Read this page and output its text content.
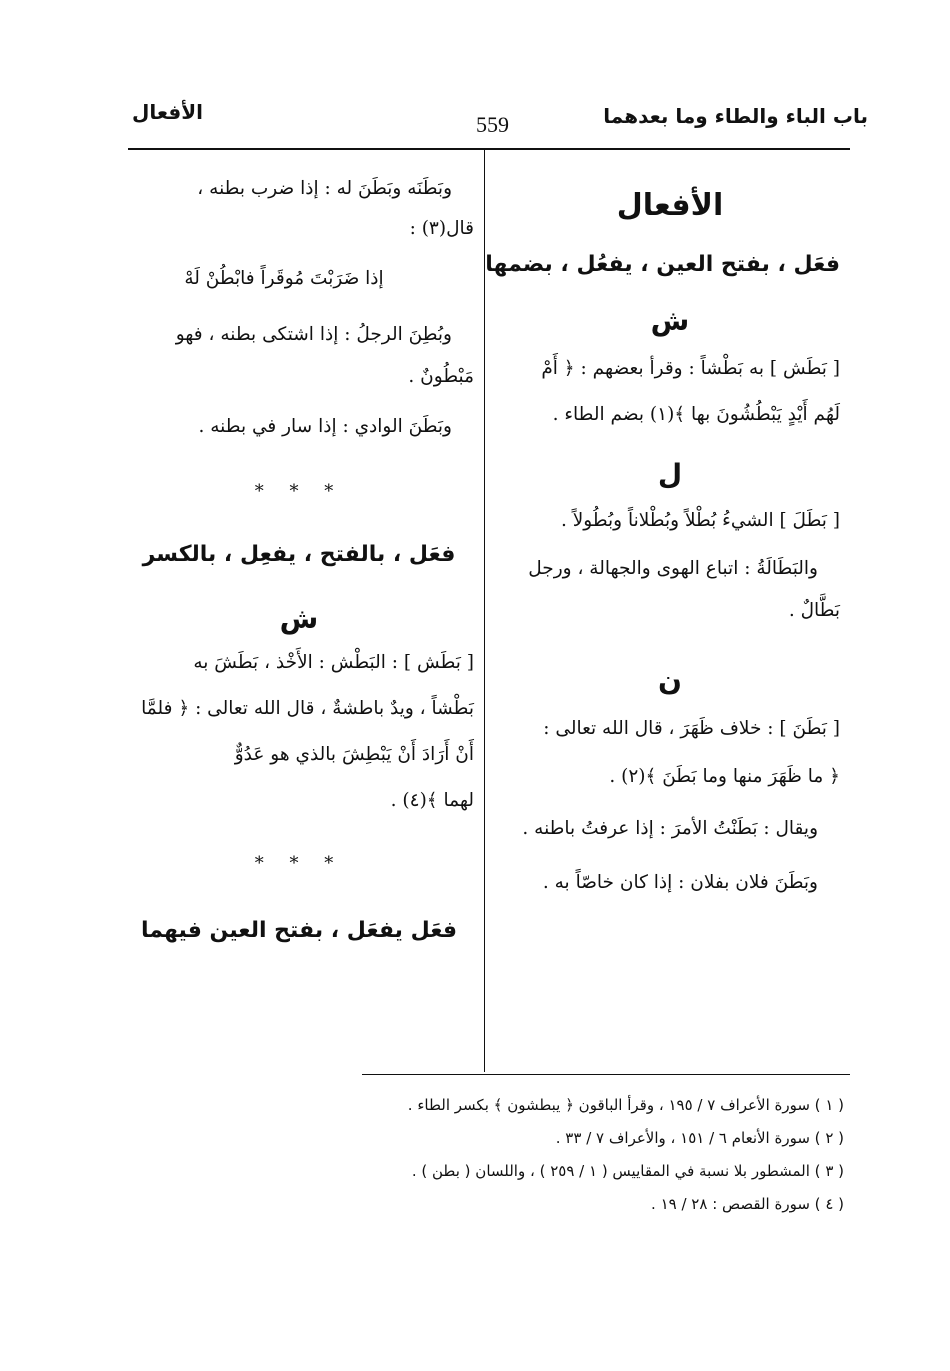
باب الباء والطاء وما بعدهما
559
الأفعال
الأفعال
فعَل ، بفتح العين ، يفعُل ، بضمها
ش
[ بَطَش ] به بَطْشاً : وقرأ بعضهم : ﴿ أَمْ
لَهُم أَيْدٍ يَبْطُشُونَ بها ﴾(١) بضم الطاء .
ل
[ بَطَلَ ] الشيءُ بُطْلاً وبُطْلاناً وبُطُولاً .
والبَطَالَةُ : اتباع الهوى والجهالة ، ورجل
بَطَّالٌ .
ن
[ بَطَنَ ] : خلاف ظَهَرَ ، قال الله تعالى :
﴿ ما ظَهَرَ منها وما بَطَنَ ﴾(٢) .
ويقال : بَطَنْتُ الأمرَ : إذا عرفتُ باطنه .
وبَطَنَ فلان بفلان : إذا كان خاصّاً به .
وبَطَنَه وبَطَنَ له : إذا ضرب بطنه ،
قال(٣) :
إذا ضَرَبْتَ مُوقَراً فابْطُنْ لَهْ
وبُطِنَ الرجلُ : إذا اشتكى بطنه ، فهو
مَبْطُونٌ .
وبَطَنَ الوادي : إذا سار في بطنه .
* * *
فعَل ، بالفتح ، يفعِل ، بالكسر
ش
[ بَطَش ] : البَطْش : الأَخْذ ، بَطَشَ به
بَطْشاً ، ويدٌ باطشةٌ ، قال الله تعالى : ﴿ فلمَّا
أَنْ أَرَادَ أَنْ يَبْطِشَ بالذي هو عَدُوٌّ
لهما ﴾(٤) .
* * *
فعَل يفعَل ، بفتح العين فيهما
( ١ ) سورة الأعراف ٧ / ١٩٥ ، وقرأ الباقون ﴿ يبطشون ﴾ بكسر الطاء .
( ٢ ) سورة الأنعام ٦ / ١٥١ ، والأعراف ٧ / ٣٣ .
( ٣ ) المشطور بلا نسبة في المقاييس ( ١ / ٢٥٩ ) ، واللسان ( بطن ) .
( ٤ ) سورة القصص : ٢٨ / ١٩ .
